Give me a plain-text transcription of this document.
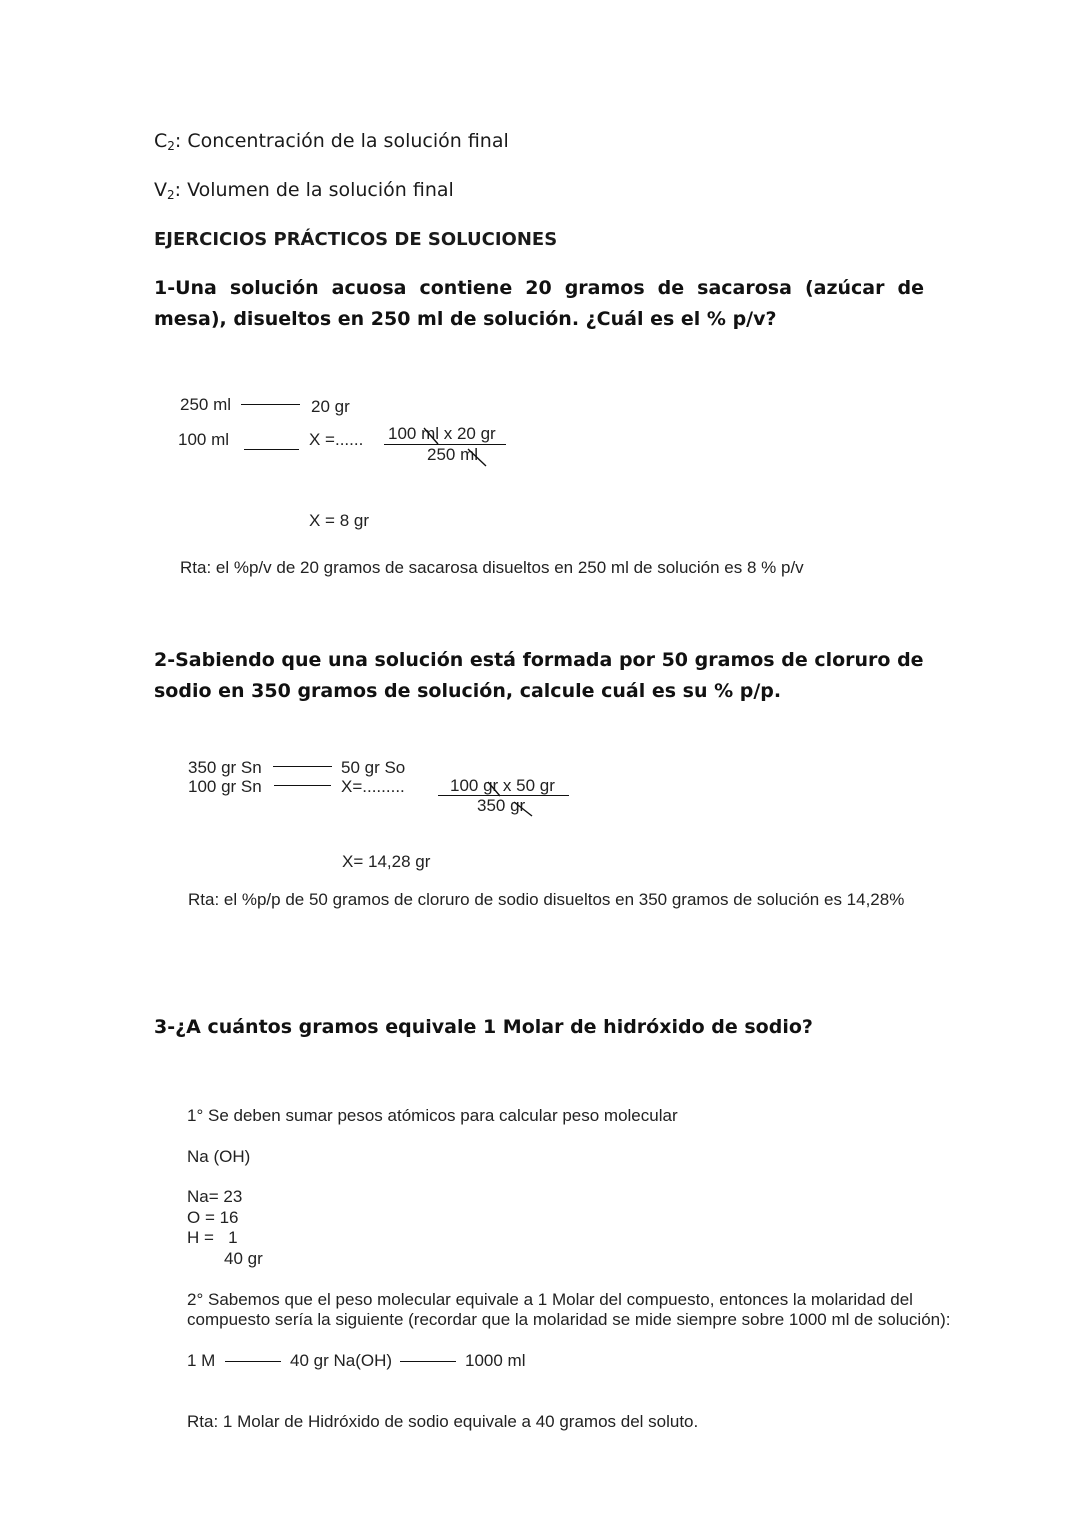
$C_2$: Concentración de la solución final
$V_2$: Volumen de la solución final
EJERCICIOS PRÁCTICOS DE SOLUCIONES
1-Una solución acuosa contiene 20 gramos de sacarosa (azúcar de mesa), disueltos en 250 ml de solución. ¿Cuál es el % p/v?
250 ml	20 gr
100 ml	X =...... 100 ml x 20 gr
250 ml
X = 8 gr
Rta: el %p/v de 20 gramos de sacarosa disueltos en 250 ml de solución es 8 % p/v
2-Sabiendo que una solución está formada por 50 gramos de cloruro de sodio en 350 gramos de solución, calcule cuál es su % p/p.
350 gr Sn	50 gr So
100 gr Sn	X=.........	100 gr x 50 gr
350 gr
X= 14,28 gr
Rta: el %p/p de 50 gramos de cloruro de sodio disueltos en 350 gramos de solución es 14,28%
3-¿A cuántos gramos equivale 1 Molar de hidróxido de sodio?
1° Se deben sumar pesos atómicos para calcular peso molecular
Na (OH)
Na= 23
O = 16
H =   1
40 gr
2° Sabemos que el peso molecular equivale a 1 Molar del compuesto, entonces la molaridad del
compuesto sería la siguiente (recordar que la molaridad se mide siempre sobre 1000 ml de solución):
1 M	40 gr Na(OH)	1000 ml
Rta: 1 Molar de Hidróxido de sodio equivale a 40 gramos del soluto.
